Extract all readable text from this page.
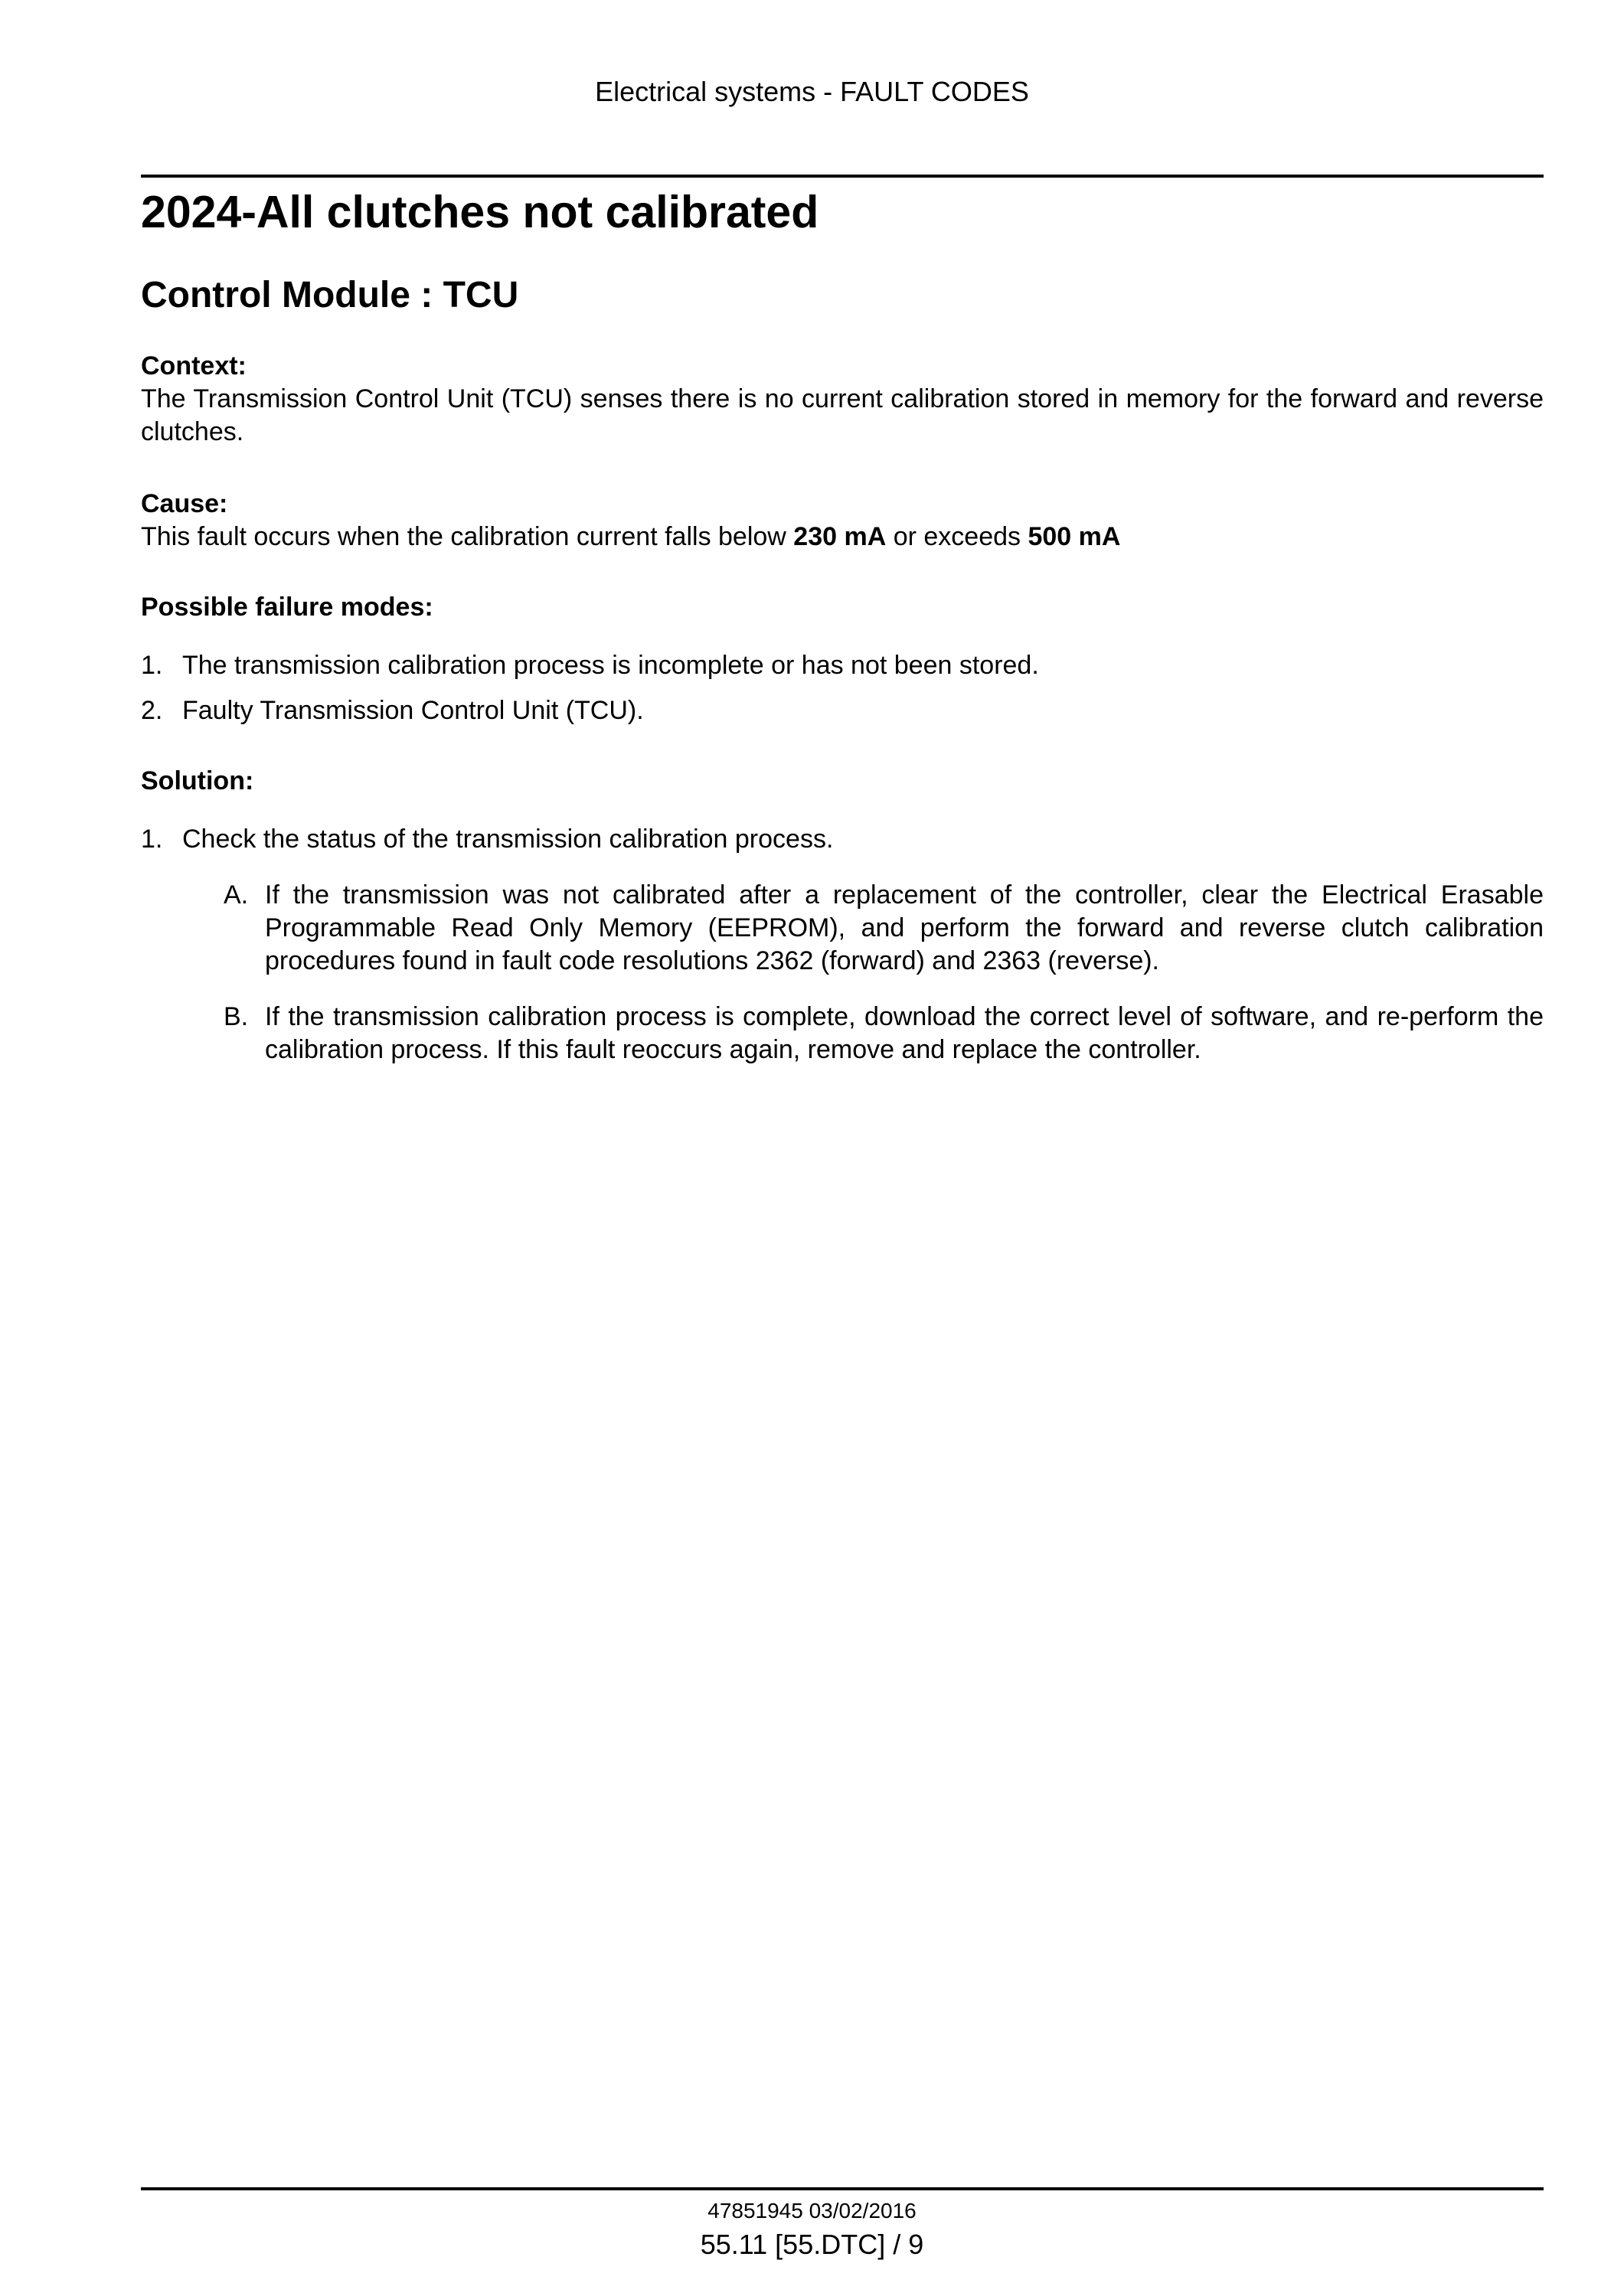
Electrical systems - FAULT CODES
2024-All clutches not calibrated
Control Module : TCU
Context:

The Transmission Control Unit (TCU) senses there is no current calibration stored in memory for the forward and reverse clutches.

Cause:

This fault occurs when the calibration current falls below 230 mA or exceeds 500 mA

Possible failure modes:
1. The transmission calibration process is incomplete or has not been stored.
2. Faulty Transmission Control Unit (TCU).
Solution:
1. Check the status of the transmission calibration process.
A. If the transmission was not calibrated after a replacement of the controller, clear the Electrical Erasable Programmable Read Only Memory (EEPROM), and perform the forward and reverse clutch calibration procedures found in fault code resolutions 2362 (forward) and 2363 (reverse).
B. If the transmission calibration process is complete, download the correct level of software, and re-perform the calibration process. If this fault reoccurs again, remove and replace the controller.
47851945 03/02/2016
55.11 [55.DTC] / 9
